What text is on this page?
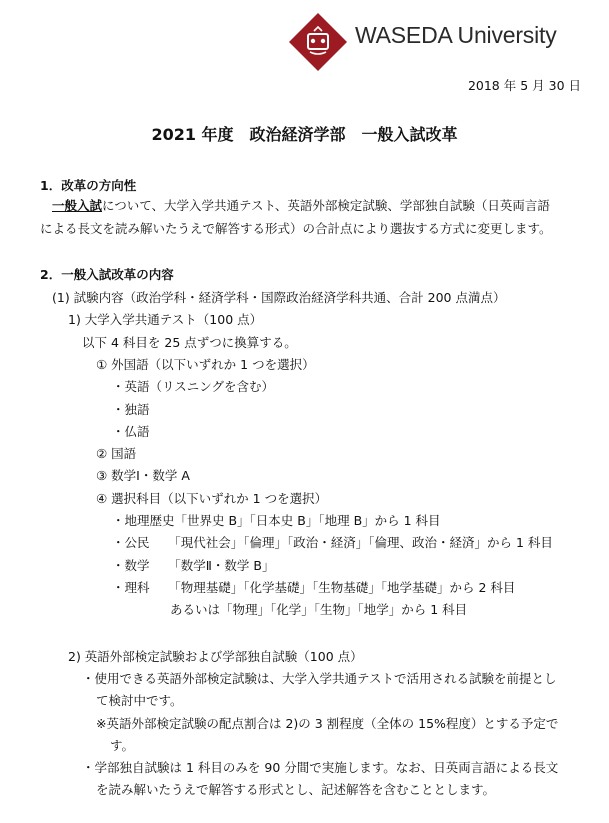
WASEDA University
2018 年 5 月 30 日
2021 年度　政治経済学部　一般入試改革
1．改革の方向性
一般入試について、大学入学共通テスト、英語外部検定試験、学部独自試験（日英両言語
による長文を読み解いたうえで解答する形式）の合計点により選抜する方式に変更します。
2．一般入試改革の内容
(1) 試験内容（政治学科・経済学科・国際政治経済学科共通、合計 200 点満点）
1) 大学入学共通テスト（100 点）
以下 4 科目を 25 点ずつに換算する。
① 外国語（以下いずれか 1 つを選択）
・英語（リスニングを含む）
・独語
・仏語
② 国語
③ 数学Ⅰ・数学 A
④ 選択科目（以下いずれか 1 つを選択）
・地理歴史「世界史 B」「日本史 B」「地理 B」から 1 科目
・公民　　「現代社会」「倫理」「政治・経済」「倫理、政治・経済」から 1 科目
・数学　　「数学Ⅱ・数学 B」
・理科　　「物理基礎」「化学基礎」「生物基礎」「地学基礎」から 2 科目
あるいは「物理」「化学」「生物」「地学」から 1 科目
2) 英語外部検定試験および学部独自試験（100 点）
・使用できる英語外部検定試験は、大学入学共通テストで活用される試験を前提とし
て検討中です。
※英語外部検定試験の配点割合は 2)の 3 割程度（全体の 15%程度）とする予定で
す。
・学部独自試験は 1 科目のみを 90 分間で実施します。なお、日英両言語による長文
を読み解いたうえで解答する形式とし、記述解答を含むこととします。
